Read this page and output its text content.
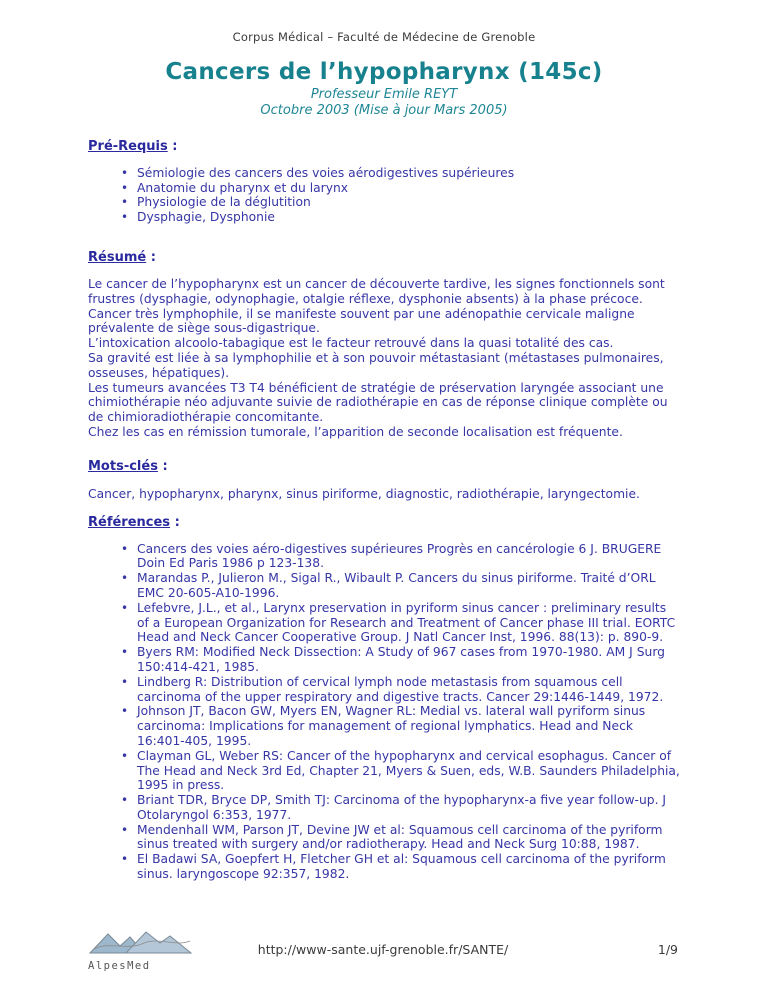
Corpus Médical – Faculté de Médecine de Grenoble
Cancers de l’hypopharynx (145c)
Professeur Emile REYT
Octobre 2003 (Mise à jour Mars 2005)
Pré-Requis :
• Sémiologie des cancers des voies aérodigestives supérieures
• Anatomie du pharynx et du larynx
• Physiologie de la déglutition
• Dysphagie, Dysphonie
Résumé :
Le cancer de l’hypopharynx est un cancer de découverte tardive, les signes fonctionnels sont frustres (dysphagie, odynophagie, otalgie réflexe, dysphonie absents) à la phase précoce. Cancer très lymphophile, il se manifeste souvent par une adénopathie cervicale maligne prévalente de siège sous-digastrique.
L’intoxication alcoolo-tabagique est le facteur retrouvé dans la quasi totalité des cas.
Sa gravité est liée à sa lymphophilie et à son pouvoir métastasiant (métastases pulmonaires, osseuses, hépatiques).
Les tumeurs avancées T3 T4 bénéficient de stratégie de préservation laryngée associant une chimiothérapie néo adjuvante suivie de radiothérapie en cas de réponse clinique complète ou de chimioradiothérapie concomitante.
Chez les cas en rémission tumorale, l’apparition de seconde localisation est fréquente.
Mots-clés :
Cancer, hypopharynx, pharynx, sinus piriforme, diagnostic, radiothérapie, laryngectomie.
Références :
• Cancers des voies aéro-digestives supérieures Progrès en cancérologie 6 J. BRUGERE Doin Ed Paris 1986 p 123-138.
• Marandas P., Julieron M., Sigal R., Wibault P. Cancers du sinus piriforme. Traité d’ORL EMC 20-605-A10-1996.
• Lefebvre, J.L., et al., Larynx preservation in pyriform sinus cancer : preliminary results of a European Organization for Research and Treatment of Cancer phase III trial. EORTC Head and Neck Cancer Cooperative Group. J Natl Cancer Inst, 1996. 88(13): p. 890-9.
• Byers RM: Modified Neck Dissection: A Study of 967 cases from 1970-1980. AM J Surg 150:414-421, 1985.
• Lindberg R: Distribution of cervical lymph node metastasis from squamous cell carcinoma of the upper respiratory and digestive tracts. Cancer 29:1446-1449, 1972.
• Johnson JT, Bacon GW, Myers EN, Wagner RL: Medial vs. lateral wall pyriform sinus carcinoma: Implications for management of regional lymphatics. Head and Neck 16:401-405, 1995.
• Clayman GL, Weber RS: Cancer of the hypopharynx and cervical esophagus. Cancer of The Head and Neck 3rd Ed, Chapter 21, Myers & Suen, eds, W.B. Saunders Philadelphia, 1995 in press.
• Briant TDR, Bryce DP, Smith TJ: Carcinoma of the hypopharynx-a five year follow-up. J Otolaryngol 6:353, 1977.
• Mendenhall WM, Parson JT, Devine JW et al: Squamous cell carcinoma of the pyriform sinus treated with surgery and/or radiotherapy. Head and Neck Surg 10:88, 1987.
• El Badawi SA, Goepfert H, Fletcher GH et al: Squamous cell carcinoma of the pyriform sinus. laryngoscope 92:357, 1982.
AlpesMed
http://www-sante.ujf-grenoble.fr/SANTE/	1/9
